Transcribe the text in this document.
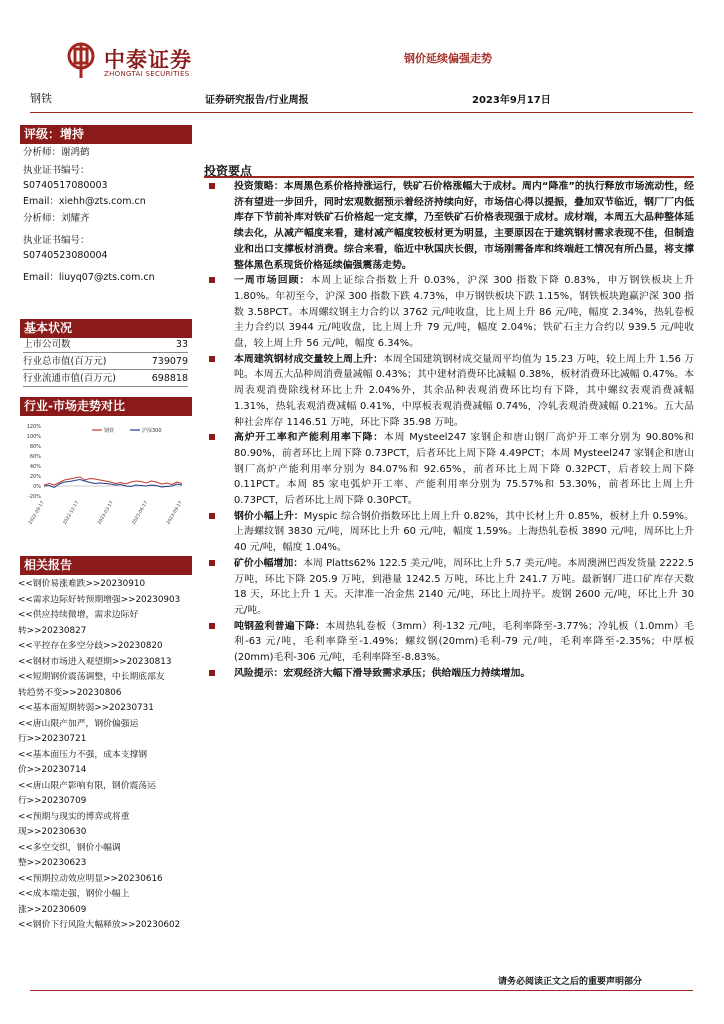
中泰证券
ZHONGTAI SECURITIES
钢价延续偏强走势
钢铁	证券研究报告/行业周报	2023年9月17日
评级：增持
分析师：谢鸿鹤
执业证书编号：
S0740517080003
Email：xiehh@zts.com.cn
分析师：刘耀齐
执业证书编号：
S0740523080004
Email：liuyq07@zts.com.cn
基本状况
上市公司数	33
行业总市值(百万元)	739079
行业流通市值(百万元)	698818
行业-市场走势对比
120%
100%
80%
60%
40%
20%
0%
-20%
2022-09-17	2022-12-17	2023-03-17	2023-06-17	2023-09-17
钢铁	沪深300
相关报告
<<钢价易涨难跌>>20230910
<<需求边际好转预期增强>>20230903
<<供应持续微增，需求边际好
转>>20230827
<<平控存在多空分歧>>20230820
<<钢材市场进入观望期>>20230813
<<短期钢价震荡调整，中长期底部友
转趋势不变>>20230806
<<基本面短期转弱>>20230731
<<唐山限产加严，钢价偏强运
行>>20230721
<<基本面压力不强，成本支撑钢
价>>20230714
<<唐山限产影响有限，钢价震荡运
行>>20230709
<<预期与现实的博弈或将重
现>>20230630
<<多空交织，钢价小幅调
整>>20230623
<<预期拉动效应明显>>20230616
<<成本端走强，钢价小幅上
涨>>20230609
<<钢价下行风险大幅释放>>20230602
投资要点
投资策略：本周黑色系价格持涨运行，铁矿石价格涨幅大于成材。周内“降准”的执行释放市场流动性，经济有望进一步回升，同时宏观数据预示着经济持续向好，市场信心得以提振，叠加双节临近，钢厂厂内低库存下节前补库对铁矿石价格起一定支撑，乃至铁矿石价格表现强于成材。成材端，本周五大品种整体延续去化，从减产幅度来看，建材减产幅度较板材更为明显，主要原因在于建筑钢材需求表现不佳，但制造业和出口支撑板材消费。综合来看，临近中秋国庆长假，市场刚需备库和终端赶工情况有所凸显，将支撑整体黑色系现货价格延续偏强震荡走势。
一周市场回顾：本周上证综合指数上升 0.03%，沪深 300 指数下降 0.83%，申万钢铁板块上升 1.80%。年初至今，沪深 300 指数下跌 4.73%，申万钢铁板块下跌 1.15%，钢铁板块跑赢沪深 300 指数 3.58PCT。本周螺纹钢主力合约以 3762 元/吨收盘，比上周上升 86 元/吨，幅度 2.34%，热轧卷板主力合约以 3944 元/吨收盘，比上周上升 79 元/吨，幅度 2.04%；铁矿石主力合约以 939.5 元/吨收盘，较上周上升 56 元/吨，幅度 6.34%。
本周建筑钢材成交量较上周上升：本周全国建筑钢材成交量周平均值为 15.23 万吨，较上周上升 1.56 万吨。本周五大品种周消费量减幅 0.43%；其中建材消费环比减幅 0.38%，板材消费环比减幅 0.47%。本周表观消费除线材环比上升 2.04%外，其余品种表观消费环比均有下降，其中螺纹表观消费减幅 1.31%，热轧表观消费减幅 0.41%，中厚板表观消费减幅 0.74%，冷轧表观消费减幅 0.21%。五大品种社会库存 1146.51 万吨，环比下降 35.98 万吨。
高炉开工率和产能利用率下降：本周 Mysteel247 家钢企和唐山钢厂高炉开工率分别为 90.80%和 80.90%，前者环比上周下降 0.73PCT，后者环比上周下降 4.49PCT；本周 Mysteel247 家钢企和唐山钢厂高炉产能利用率分别为 84.07%和 92.65%，前者环比上周下降 0.32PCT，后者较上周下降 0.11PCT。本周 85 家电弧炉开工率、产能利用率分别为 75.57%和 53.30%，前者环比上周上升 0.73PCT，后者环比上周下降 0.30PCT。
钢价小幅上升：Myspic 综合钢价指数环比上周上升 0.82%，其中长材上升 0.85%，板材上升 0.59%。上海螺纹钢 3830 元/吨，周环比上升 60 元/吨，幅度 1.59%。上海热轧卷板 3890 元/吨，周环比上升 40 元/吨，幅度 1.04%。
矿价小幅增加：本周 Platts62% 122.5 美元/吨，周环比上升 5.7 美元/吨。本周澳洲巴西发货量 2222.5 万吨，环比下降 205.9 万吨，到港量 1242.5 万吨，环比上升 241.7 万吨。最新钢厂进口矿库存天数 18 天，环比上升 1 天。天津准一冶金焦 2140 元/吨，环比上周持平。废钢 2600 元/吨，环比上升 30 元/吨。
吨钢盈利普遍下降：本周热轧卷板（3mm）利-132 元/吨，毛利率降至-3.77%；冷轧板（1.0mm）毛利-63 元/吨，毛利率降至-1.49%；螺纹钢(20mm)毛利-79 元/吨，毛利率降至-2.35%；中厚板(20mm)毛利-306 元/吨，毛利率降至-8.83%。
风险提示：宏观经济大幅下滑导致需求承压；供给端压力持续增加。
请务必阅读正文之后的重要声明部分
